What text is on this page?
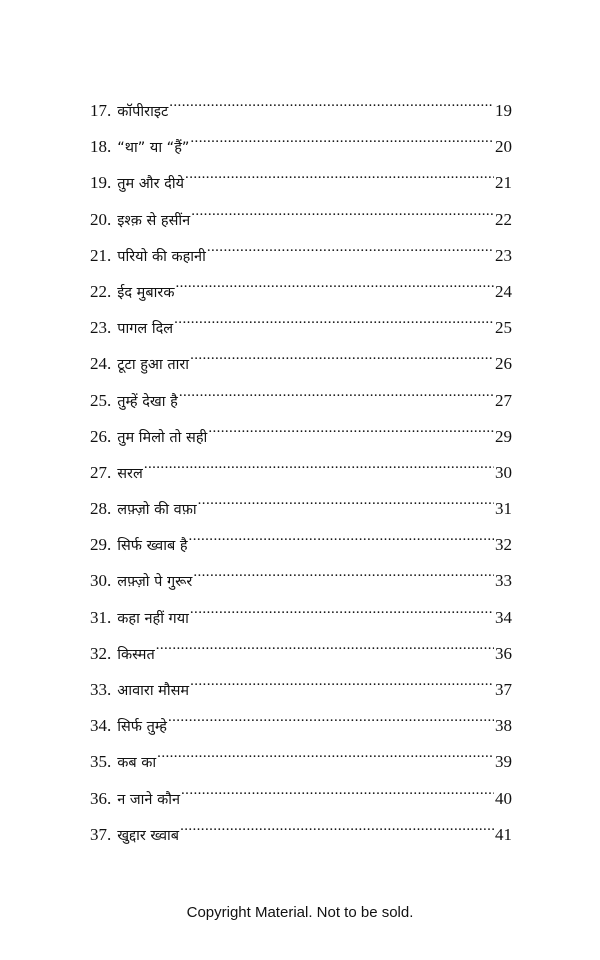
17. कॉपीराइट .....	19
18. “था” या “हैं” .....	20
19. तुम और दीये .....	21
20. इश्क़ से हसींन .....	22
21. परियो की कहानी .....	23
22. ईद मुबारक .....	24
23. पागल दिल .....	25
24. टूटा हुआ तारा .....	26
25. तुम्हें देखा है .....	27
26. तुम मिलो तो सही .....	29
27. सरल .....	30
28. लफ़्ज़ो की वफ़ा .....	31
29. सिर्फ ख्वाब है .....	32
30. लफ़्ज़ो पे गुरूर .....	33
31. कहा नहीं गया .....	34
32. किस्मत .....	36
33. आवारा मौसम .....	37
34. सिर्फ तुम्हे .....	38
35. कब का .....	39
36. न जाने कौन .....	40
37. खुद्दार ख्वाब .....	41
Copyright Material. Not to be sold.
